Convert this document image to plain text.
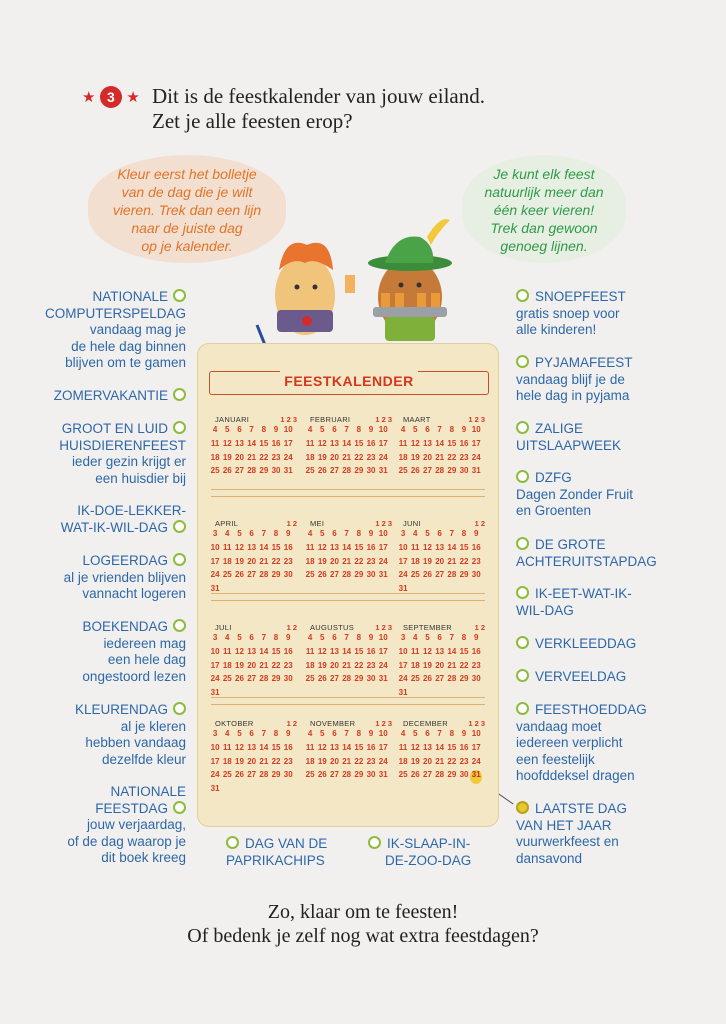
★ 3 ★ Dit is de feestkalender van jouw eiland.
Zet je alle feesten erop?
Kleur eerst het bolletje
van de dag die je wilt
vieren. Trek dan een lijn
naar de juiste dag
op je kalender.
Je kunt elk feest
natuurlijk meer dan
één keer vieren!
Trek dan gewoon
genoeg lijnen.
NATIONALE
COMPUTERSPELDAG
vandaag mag je
de hele dag binnen
blijven om te gamen
ZOMERVAKANTIE
GROOT EN LUID
HUISDIERENFEEST
ieder gezin krijgt er
een huisdier bij
IK-DOE-LEKKER-
WAT-IK-WIL-DAG
LOGEERDAG
al je vrienden blijven
vannacht logeren
BOEKENDAG
iedereen mag
een hele dag
ongestoord lezen
KLEURENDAG
al je kleren
hebben vandaag
dezelfde kleur
NATIONALE
FEESTDAG
jouw verjaardag,
of de dag waarop je
dit boek kreeg
SNOEPFEEST
gratis snoep voor
alle kinderen!
PYJAMAFEEST
vandaag blijf je de
hele dag in pyjama
ZALIGE
UITSLAAPWEEK
DZFG
Dagen Zonder Fruit
en Groenten
DE GROTE
ACHTERUITSTAPDAG
IK-EET-WAT-IK-
WIL-DAG
VERKLEEDDAG
VERVEELDAG
FEESTHOEDDAG
vandaag moet
iedereen verplicht
een feestelijk
hoofddeksel dragen
LAATSTE DAG
VAN HET JAAR
vuurwerkfeest en
dansavond
DAG VAN DE
PAPRIKACHIPS
IK-SLAAP-IN-
DE-ZOO-DAG
FEESTKALENDER
JANUARI	1 2 3
4 5 6 7 8 9 10
11 12 13 14 15 16 17
18 19 20 21 22 23 24
25 26 27 28 29 30 31
FEBRUARI	1 2 3
4 5 6 7 8 9 10
11 12 13 14 15 16 17
18 19 20 21 22 23 24
25 26 27 28 29 30 31
MAART	1 2 3
4 5 6 7 8 9 10
11 12 13 14 15 16 17
18 19 20 21 22 23 24
25 26 27 28 29 30 31
APRIL	1 2
3 4 5 6 7 8 9
10 11 12 13 14 15 16
17 18 19 20 21 22 23
24 25 26 27 28 29 30
31
MEI	1 2 3
4 5 6 7 8 9 10
11 12 13 14 15 16 17
18 19 20 21 22 23 24
25 26 27 28 29 30 31
JUNI	1 2
3 4 5 6 7 8 9
10 11 12 13 14 15 16
17 18 19 20 21 22 23
24 25 26 27 28 29 30
31
JULI	1 2
3 4 5 6 7 8 9
10 11 12 13 14 15 16
17 18 19 20 21 22 23
24 25 26 27 28 29 30
31
AUGUSTUS	1 2 3
4 5 6 7 8 9 10
11 12 13 14 15 16 17
18 19 20 21 22 23 24
25 26 27 28 29 30 31
SEPTEMBER	1 2
3 4 5 6 7 8 9
10 11 12 13 14 15 16
17 18 19 20 21 22 23
24 25 26 27 28 29 30
31
OKTOBER	1 2
3 4 5 6 7 8 9
10 11 12 13 14 15 16
17 18 19 20 21 22 23
24 25 26 27 28 29 30
31
NOVEMBER	1 2 3
4 5 6 7 8 9 10
11 12 13 14 15 16 17
18 19 20 21 22 23 24
25 26 27 28 29 30 31
DECEMBER	1 2 3
4 5 6 7 8 9 10
11 12 13 14 15 16 17
18 19 20 21 22 23 24
25 26 27 28 29 30 31
Zo, klaar om te feesten!
Of bedenk je zelf nog wat extra feestdagen?
